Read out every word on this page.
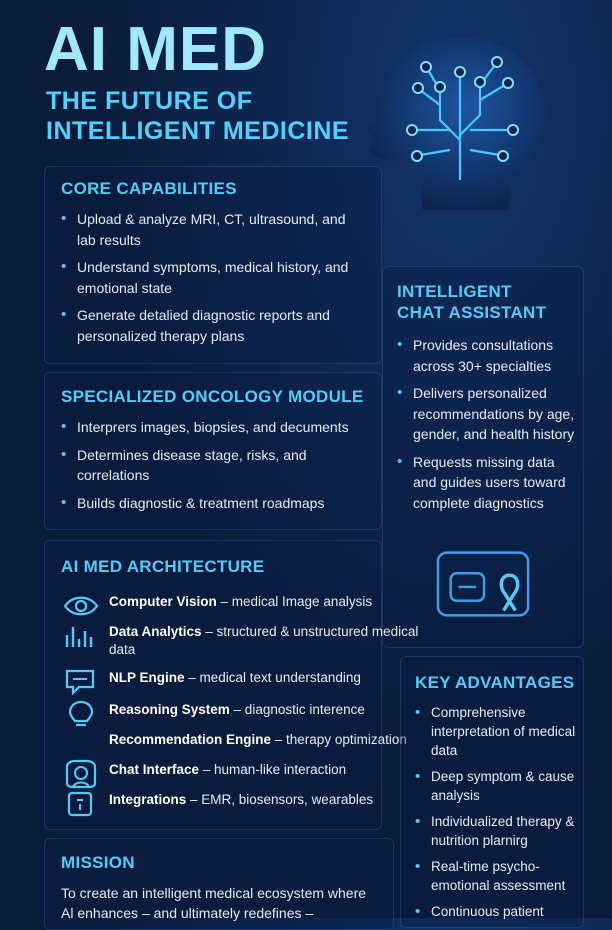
AI MED
THE FUTURE OF
INTELLIGENT MEDICINE
CORE CAPABILITIES
• Upload & analyze MRI, CT, ultrasound, and lab results
• Understand symptoms, medical history, and emotional state
• Generate detalied diagnostic reports and personalized therapy plans
INTELLIGENT
CHAT ASSISTANT
• Provides consultations across 30+ specialties
• Delivers personalized recommendations by age, gender, and health history
• Requests missing data and guides users toward complete diagnostics
SPECIALIZED ONCOLOGY MODULE
• Interprers images, biopsies, and decuments
• Determines disease stage, risks, and correlations
• Builds diagnostic & treatment roadmaps
AI MED ARCHITECTURE
Computer Vision – medical Image analysis
Data Analytics – structured & unstructured medical data
NLP Engine – medical text understanding
Reasoning System – diagnostic interence
Recommendation Engine – therapy optimization
Chat Interface – human-like interaction
Integrations – EMR, biosensors, wearables
KEY ADVANTAGES
• Comprehensive interpretation of medical data
• Deep symptom & cause analysis
• Individualized therapy & nutrition plarnirg
• Real-time psycho-emotional assessment
• Continuous patient
MISSION
To create an intelligent medical ecosystem where
Al enhances – and ultimately redefines –
